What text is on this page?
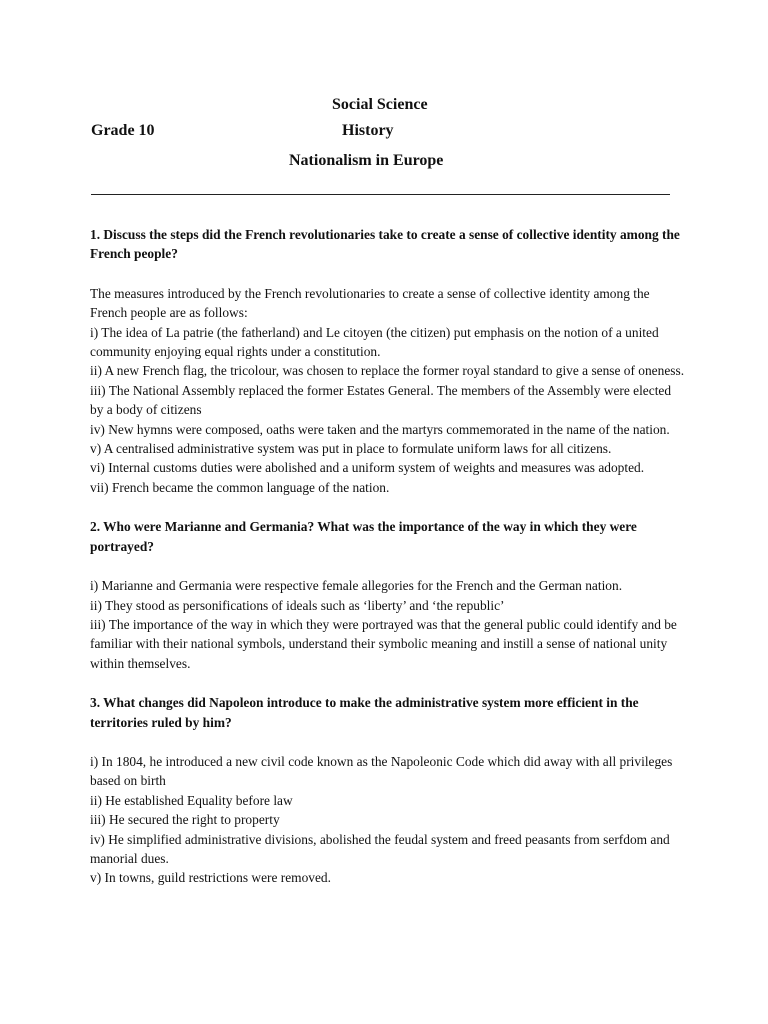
Social Science
Grade 10	History
Nationalism in Europe
1. Discuss the steps did the French revolutionaries take to create a sense of collective identity among the French people?

The measures introduced by the French revolutionaries to create a sense of collective identity among the French people are as follows:

i) The idea of La patrie (the fatherland) and Le citoyen (the citizen) put emphasis on the notion of a united community enjoying equal rights under a constitution.

ii) A new French flag, the tricolour, was chosen to replace the former royal standard to give a sense of oneness.

iii) The National Assembly replaced the former Estates General. The members of the Assembly were elected by a body of citizens

iv) New hymns were composed, oaths were taken and the martyrs commemorated in the name of the nation.

v) A centralised administrative system was put in place to formulate uniform laws for all citizens.

vi) Internal customs duties were abolished and a uniform system of weights and measures was adopted.

vii) French became the common language of the nation.

2. Who were Marianne and Germania? What was the importance of the way in which they were portrayed?

i) Marianne and Germania were respective female allegories for the French and the German nation.

ii) They stood as personifications of ideals such as ‘liberty’ and ‘the republic’

iii) The importance of the way in which they were portrayed was that the general public could identify and be familiar with their national symbols, understand their symbolic meaning and instill a sense of national unity within themselves.

3. What changes did Napoleon introduce to make the administrative system more efficient in the territories ruled by him?

i) In 1804, he introduced a new civil code known as the Napoleonic Code which did away with all privileges based on birth

ii) He established Equality before law

iii) He secured the right to property

iv) He simplified administrative divisions, abolished the feudal system and freed peasants from serfdom and manorial dues.

v) In towns, guild restrictions were removed.
